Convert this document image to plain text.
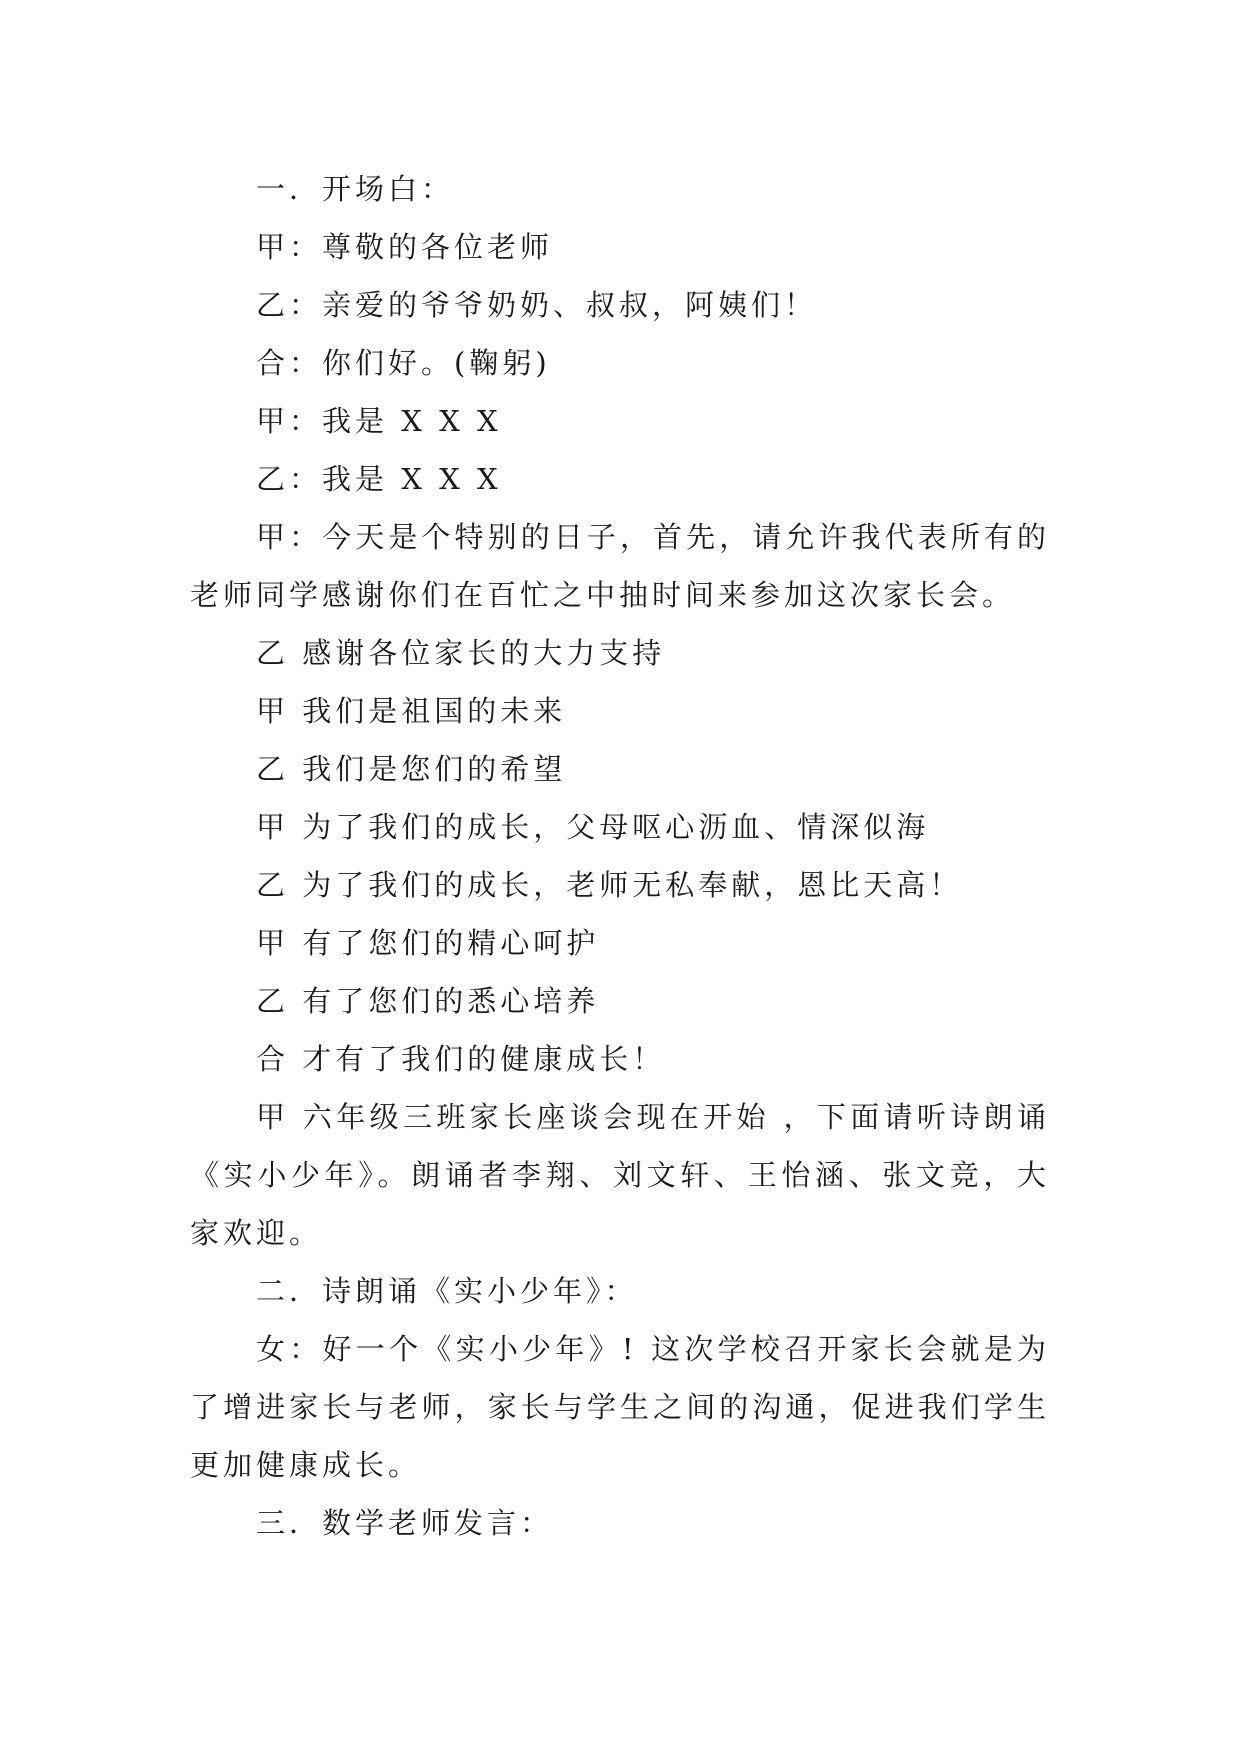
一．开场白：

甲：尊敬的各位老师

乙：亲爱的爷爷奶奶、叔叔，阿姨们！

合：你们好。(鞠躬)

甲：我是 X X X

乙：我是 X X X

甲：今天是个特别的日子，首先，请允许我代表所有的老师同学感谢你们在百忙之中抽时间来参加这次家长会。

乙 感谢各位家长的大力支持

甲 我们是祖国的未来

乙 我们是您们的希望

甲 为了我们的成长，父母呕心沥血、情深似海

乙 为了我们的成长，老师无私奉献，恩比天高！

甲 有了您们的精心呵护

乙 有了您们的悉心培养

合 才有了我们的健康成长！

甲 六年级三班家长座谈会现在开始 ，下面请听诗朗诵《实小少年》。朗诵者李翔、刘文轩、王怡涵、张文竞，大家欢迎。

二．诗朗诵《实小少年》：

女：好一个《实小少年》! 这次学校召开家长会就是为了增进家长与老师，家长与学生之间的沟通，促进我们学生更加健康成长。

三．数学老师发言：
